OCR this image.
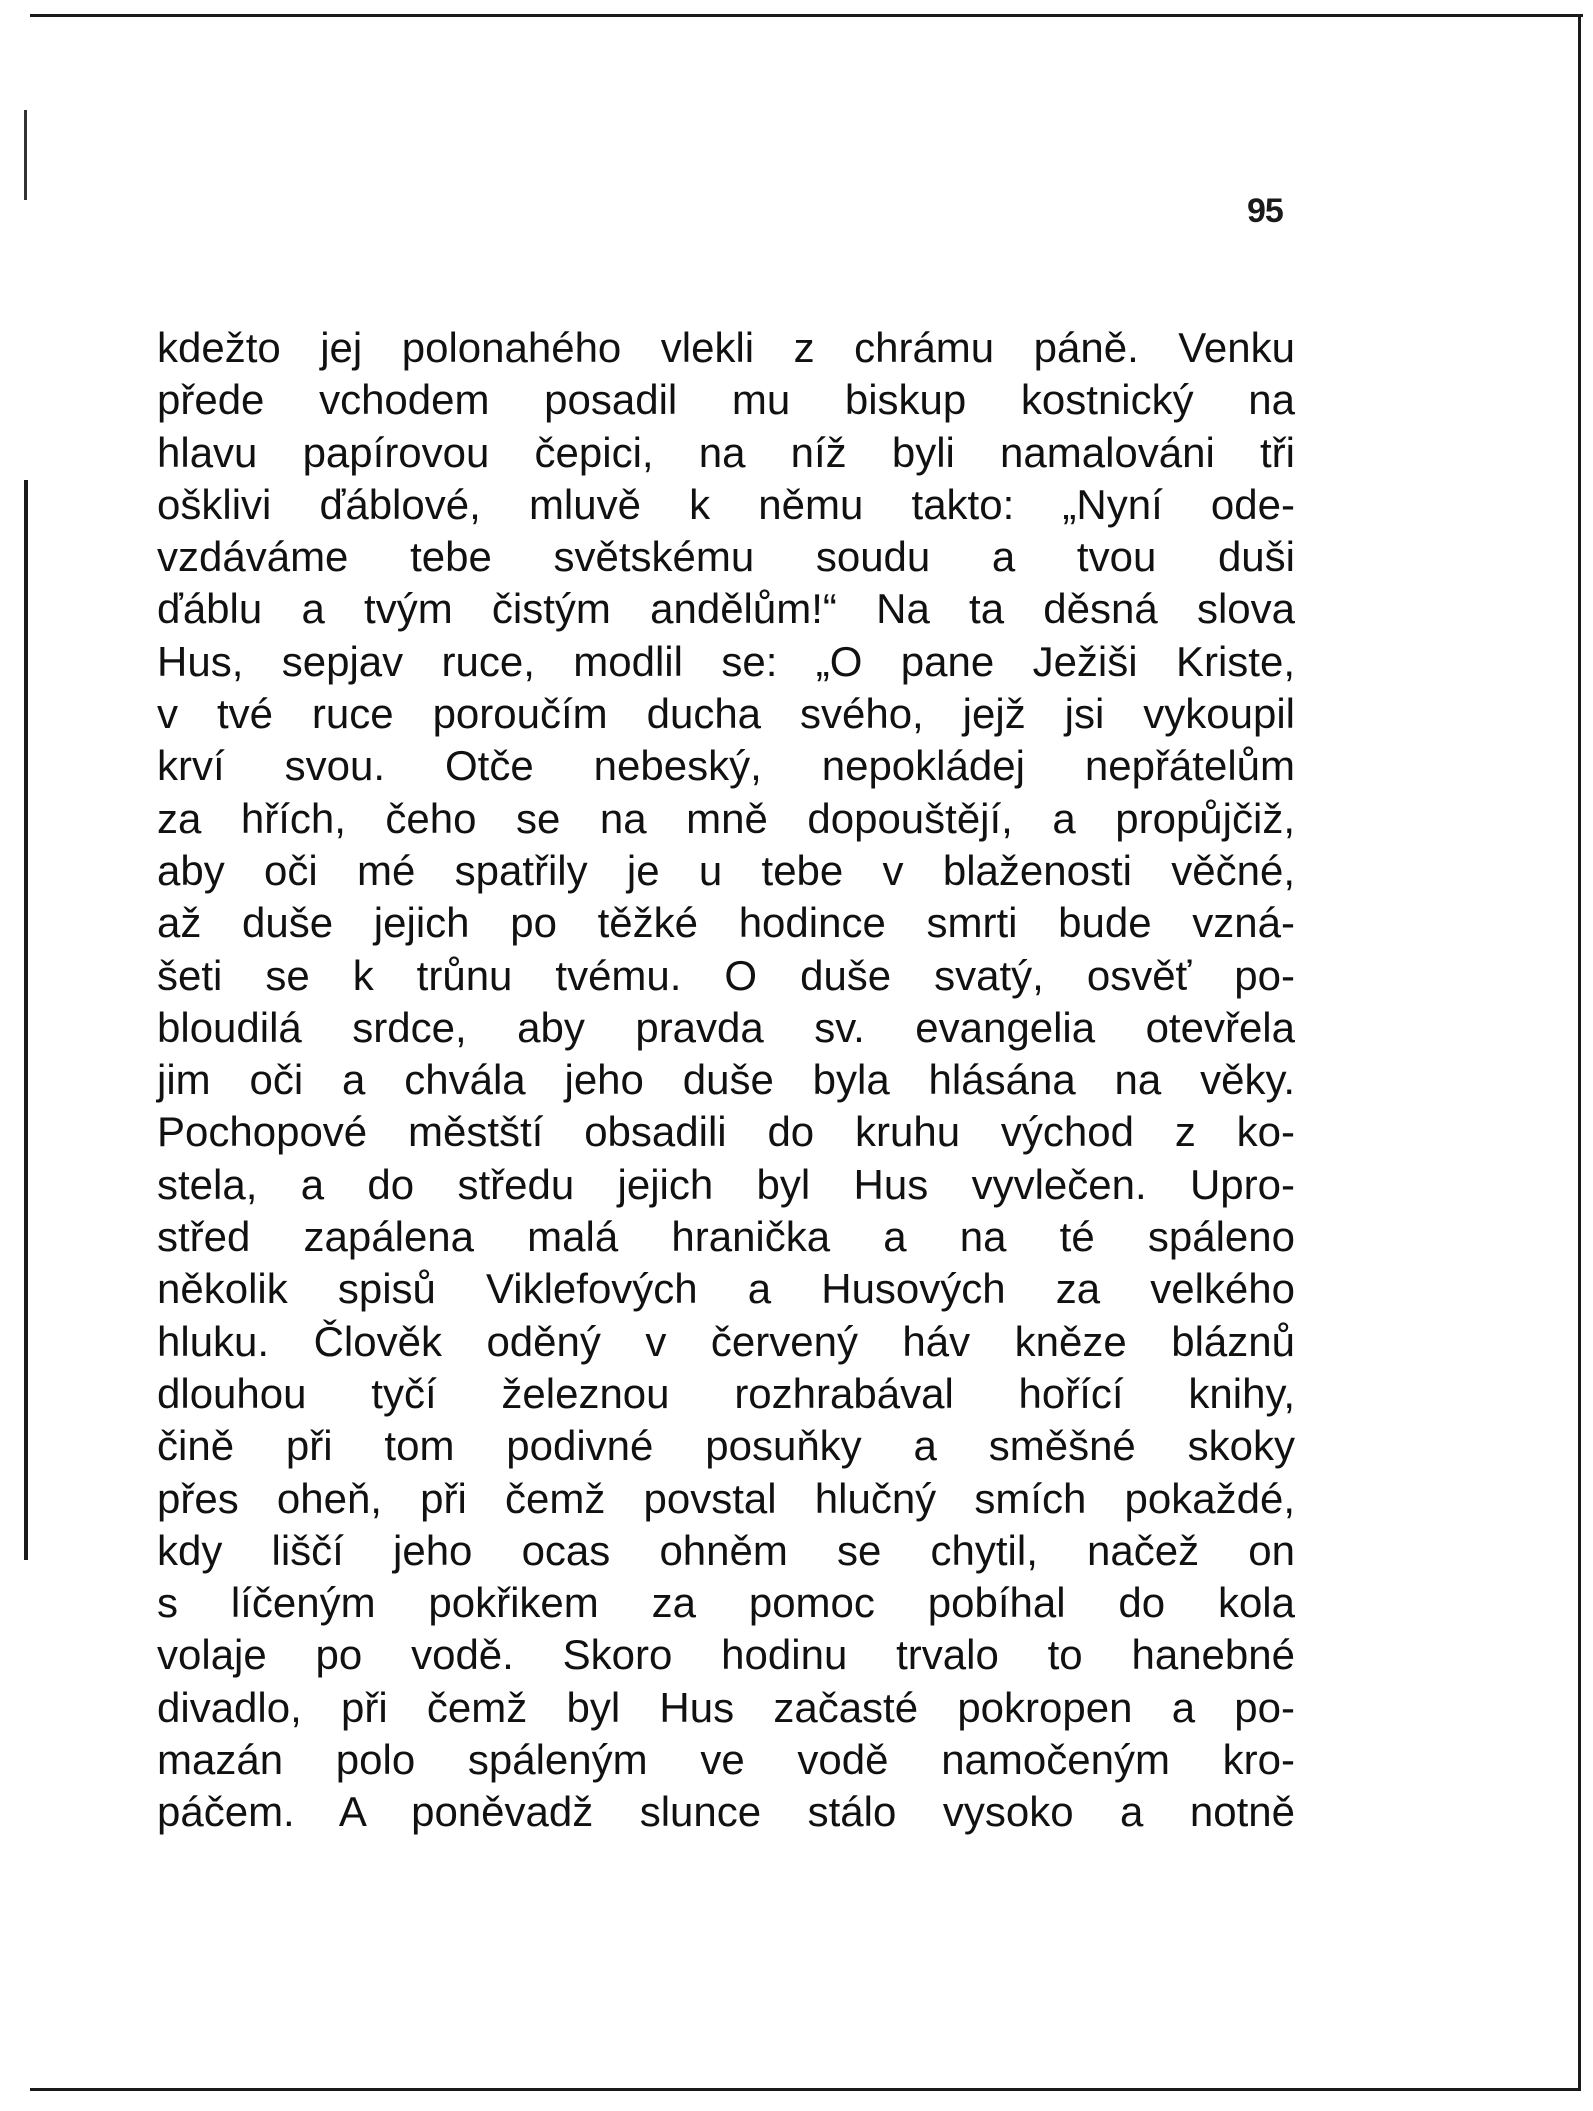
95
kdežto jej polonahého vlekli z chrámu páně. Venku
přede vchodem posadil mu biskup kostnický na
hlavu papírovou čepici, na níž byli namalováni tři
ošklivi ďáblové, mluvě k němu takto: „Nyní ode-
vzdáváme tebe světskému soudu a tvou duši
ďáblu a tvým čistým andělům!“ Na ta děsná slova
Hus, sepjav ruce, modlil se: „O pane Ježiši Kriste,
v tvé ruce poroučím ducha svého, jejž jsi vykoupil
krví svou. Otče nebeský, nepokládej nepřátelům
za hřích, čeho se na mně dopouštějí, a propůjčiž,
aby oči mé spatřily je u tebe v blaženosti věčné,
až duše jejich po těžké hodince smrti bude vzná-
šeti se k trůnu tvému. O duše svatý, osvěť po-
bloudilá srdce, aby pravda sv. evangelia otevřela
jim oči a chvála jeho duše byla hlásána na věky.
Pochopové městští obsadili do kruhu východ z ko-
stela, a do středu jejich byl Hus vyvlečen. Upro-
střed zapálena malá hranička a na té spáleno
několik spisů Viklefových a Husových za velkého
hluku. Člověk oděný v červený háv kněze bláznů
dlouhou tyčí železnou rozhrabával hořící knihy,
čině při tom podivné posuňky a směšné skoky
přes oheň, při čemž povstal hlučný smích pokaždé,
kdy liščí jeho ocas ohněm se chytil, načež on
s líčeným pokřikem za pomoc pobíhal do kola
volaje po vodě. Skoro hodinu trvalo to hanebné
divadlo, při čemž byl Hus začasté pokropen a po-
mazán polo spáleným ve vodě namočeným kro-
páčem. A poněvadž slunce stálo vysoko a notně
